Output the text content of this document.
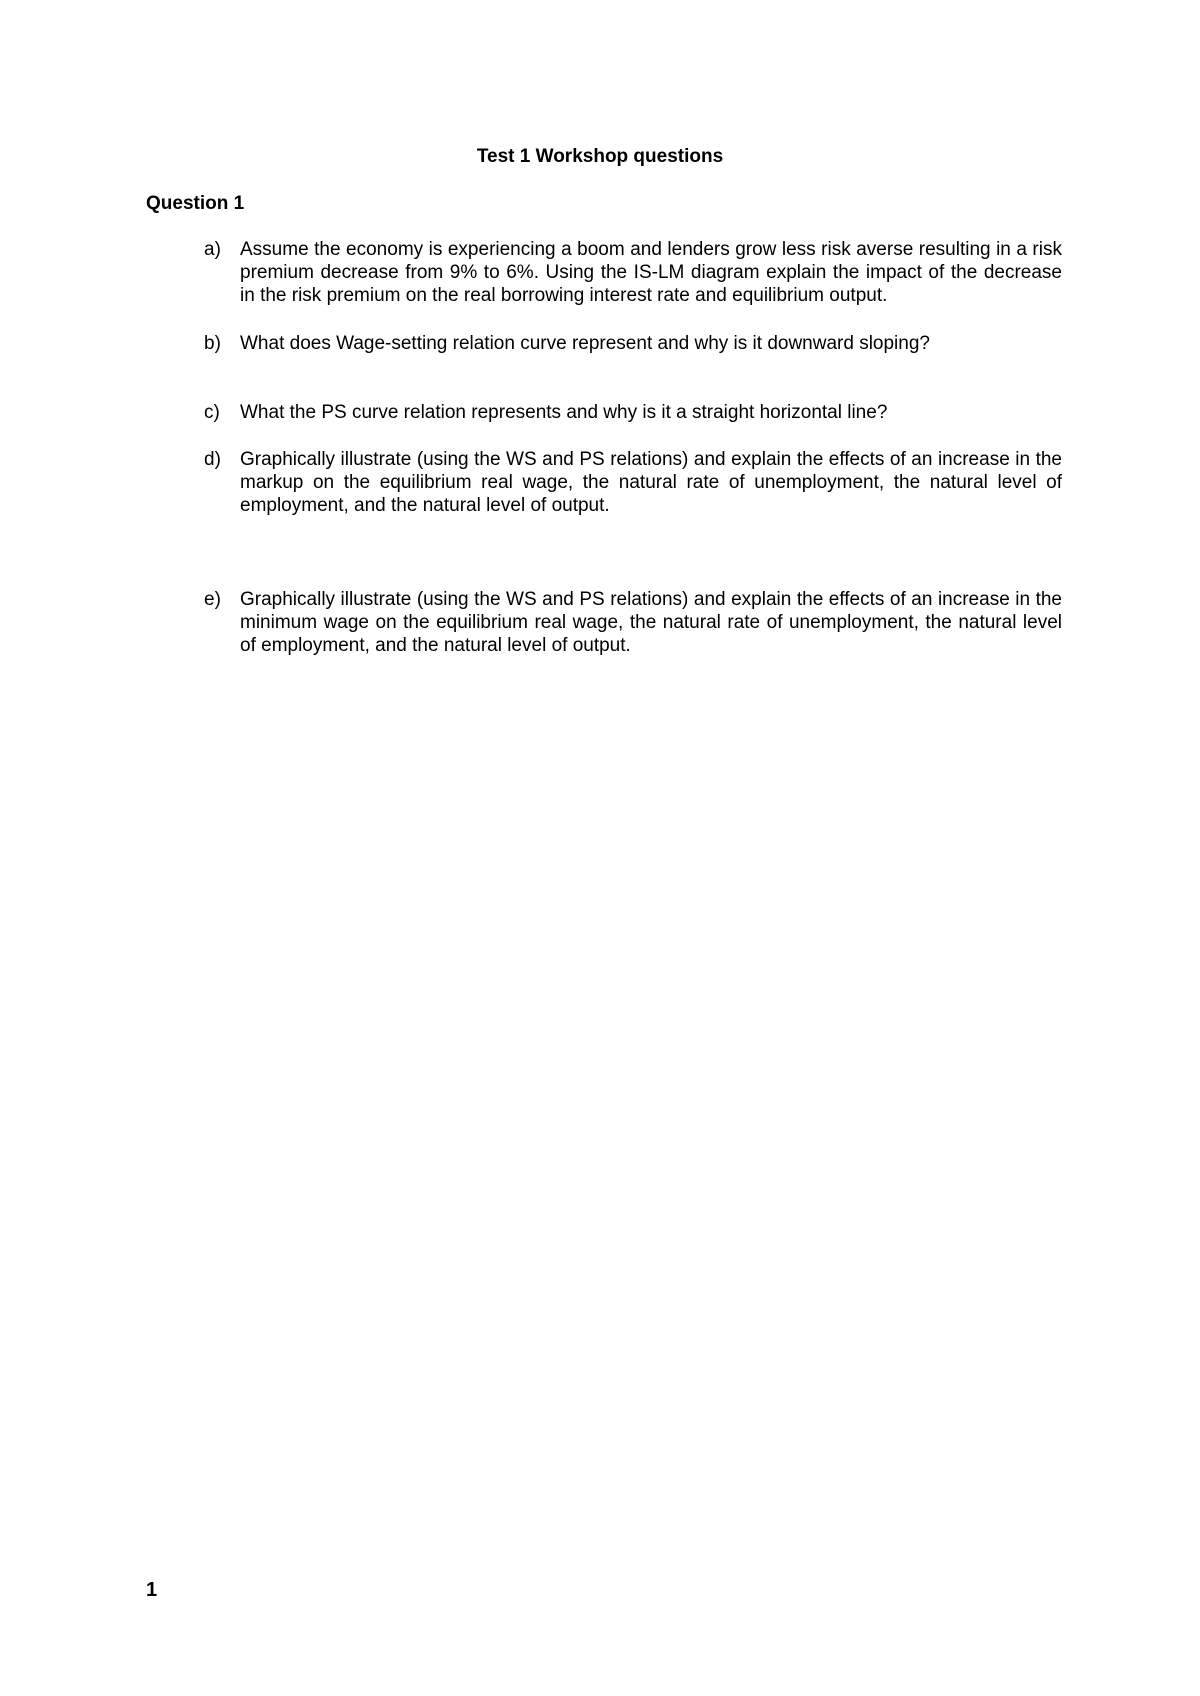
Test 1 Workshop questions
Question 1
a)	Assume the economy is experiencing a boom and lenders grow less risk averse resulting in a risk premium decrease from 9% to 6%. Using the IS-LM diagram explain the impact of the decrease in the risk premium on the real borrowing interest rate and equilibrium output.
b)	What does Wage-setting relation curve represent and why is it downward sloping?
c)	What the PS curve relation represents and why is it a straight horizontal line?
d)	Graphically illustrate (using the WS and PS relations) and explain the effects of an increase in the markup on the equilibrium real wage, the natural rate of unemployment, the natural level of employment, and the natural level of output.
e)	Graphically illustrate (using the WS and PS relations) and explain the effects of an increase in the minimum wage on the equilibrium real wage, the natural rate of unemployment, the natural level of employment, and the natural level of output.
1
